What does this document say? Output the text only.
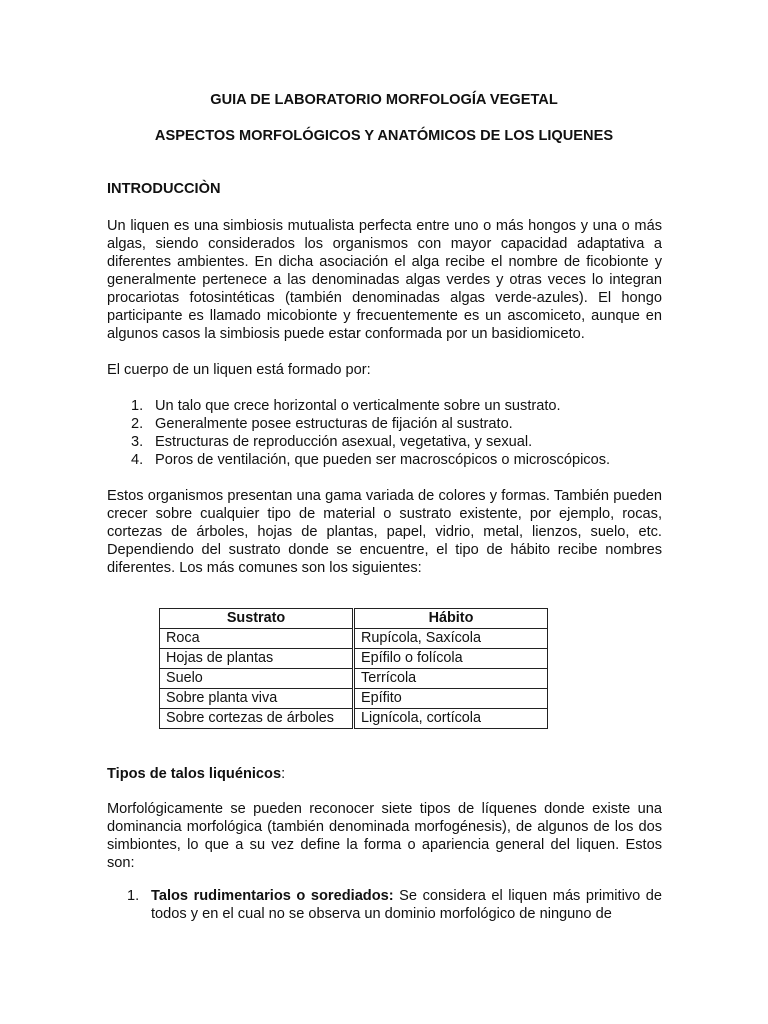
GUIA DE LABORATORIO MORFOLOGÍA VEGETAL
ASPECTOS MORFOLÓGICOS Y ANATÓMICOS DE LOS LIQUENES
INTRODUCCIÒN

Un liquen es una simbiosis mutualista perfecta entre uno o más hongos y una o más algas, siendo considerados los organismos con mayor capacidad adaptativa a diferentes ambientes. En dicha asociación el alga recibe el nombre de ficobionte y generalmente pertenece a las denominadas algas verdes y otras veces lo integran procariotas fotosintéticas (también denominadas algas verde-azules). El hongo participante es llamado micobionte y frecuentemente es un ascomiceto, aunque en algunos casos la simbiosis puede estar conformada por un basidiomiceto.

El cuerpo de un liquen está formado por:

1. Un talo que crece horizontal o verticalmente sobre un sustrato.
2. Generalmente posee estructuras de fijación al sustrato.
3. Estructuras de reproducción asexual, vegetativa, y sexual.
4. Poros de ventilación, que pueden ser macroscópicos o microscópicos.

Estos organismos presentan una gama variada de colores y formas. También pueden crecer sobre cualquier tipo de material o sustrato existente, por ejemplo, rocas, cortezas de árboles, hojas de plantas, papel, vidrio, metal, lienzos, suelo, etc. Dependiendo del sustrato donde se encuentre, el tipo de hábito recibe nombres diferentes. Los más comunes son los siguientes:

Sustrato	Hábito
Roca	Rupícola, Saxícola
Hojas de plantas	Epífilo o folícola
Suelo	Terrícola
Sobre planta viva	Epífito
Sobre cortezas de árboles	Lignícola, cortícola
Tipos de talos liquénicos:

Morfológicamente se pueden reconocer siete tipos de líquenes donde existe una dominancia morfológica (también denominada morfogénesis), de algunos de los dos simbiontes, lo que a su vez define la forma o apariencia general del liquen. Estos son:

1. Talos rudimentarios o sorediados: Se considera el liquen más primitivo de todos y en el cual no se observa un dominio morfológico de ninguno de
